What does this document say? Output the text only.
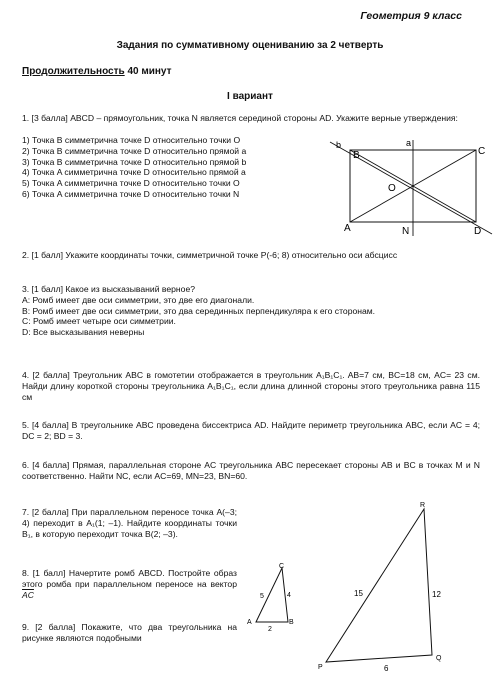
Геометрия 9 класс
Задания по суммативному оцениванию за 2 четверть
Продолжительность 40 минут
I вариант
1. [3 балла] ABCD – прямоугольник, точка N является серединой стороны AD. Укажите верные утверждения:
1) Точка B симметрична точке D относительно точки O
2) Точка B симметрична точке D относительно прямой a
3) Точка B симметрична точке D относительно прямой b
4) Точка A симметрична точке D относительно прямой a
5) Точка A симметрична точке D относительно точки O
6) Точка A симметрична точке D относительно точки N
b	a
B	C
O
A	N	D
2. [1 балл] Укажите координаты точки, симметричной точке P(-6; 8) относительно оси абсцисс
3. [1 балл] Какое из высказываний верное?
A: Ромб имеет две оси симметрии, это две его диагонали.
B: Ромб имеет две оси симметрии, это два серединных перпендикуляра к его сторонам.
C: Ромб имеет четыре оси симметрии.
D: Все высказывания неверны
4. [2 балла] Треугольник ABC в гомотетии отображается в треугольник A₁B₁C₁. AB=7 см, BC=18 см, AC= 23 см. Найди длину короткой стороны треугольника A₁B₁C₁, если длина длинной стороны этого треугольника равна 115 см
5. [4 балла] В треугольнике ABC проведена биссектриса AD. Найдите периметр треугольника ABC, если AC = 4; DC = 2; BD = 3.
6. [4 балла] Прямая, параллельная стороне AC треугольника ABC пересекает стороны AB и BC в точках M и N соответственно. Найти NC, если AC=69, MN=23, BN=60.
7. [2 балла] При параллельном переносе точка A(–3; 4) переходит в A₁(1; –1). Найдите координаты точки B₁, в которую переходит точка B(2; –3).
8. [1 балл] Начертите ромб ABCD. Постройте образ этого ромба при параллельном переносе на вектор $\overline{AC}$
9. [2 балла] Покажите, что два треугольника на рисунке являются подобными
C
A	B
5	4
2
R
P
Q
15	12
6
